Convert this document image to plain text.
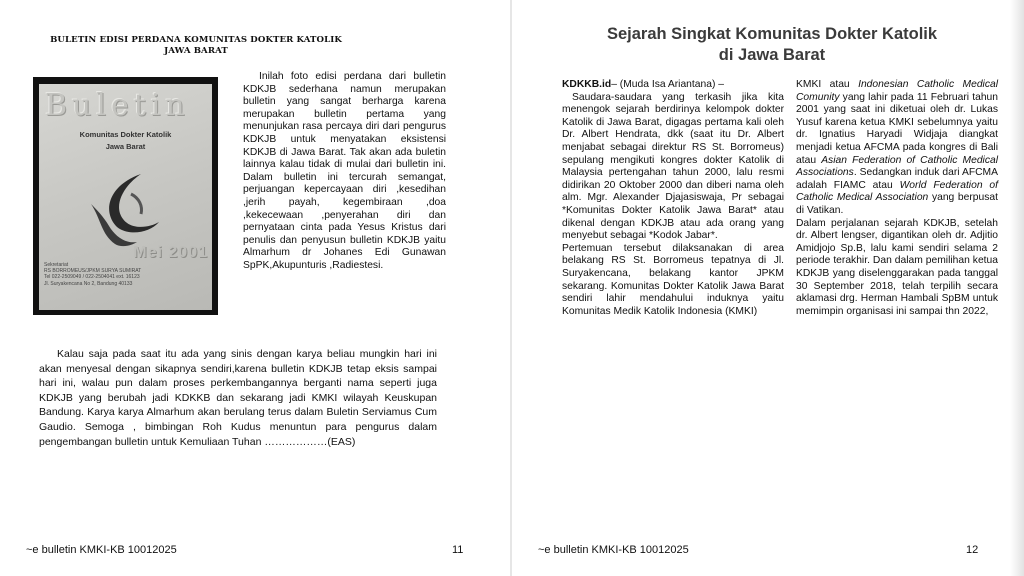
BULETIN EDISI PERDANA KOMUNITAS DOKTER KATOLIK
JAWA BARAT
Buletin
Komunitas Dokter Katolik
Jawa Barat
Mei 2001
Sekretariat
RS BORROMEUS/JPKM SURYA SUMIRAT
Tel 022-2509049 / 022-2504041 ext. 16123
Jl. Suryakencana No 2, Bandung 40133

Inilah foto edisi perdana dari bulletin KDKJB sederhana namun merupakan bulletin yang sangat berharga karena merupakan bulletin pertama yang menunjukan rasa percaya diri dari pengurus KDKJB untuk menyatakan eksistensi KDKJB di Jawa Barat. Tak akan ada buletin lainnya kalau tidak di mulai dari bulletin ini. Dalam bulletin ini tercurah semangat, perjuangan kepercayaan diri ,kesedihan ,jerih payah, kegembiraan ,doa ,kekecewaan ,penyerahan diri dan pernyataan cinta pada Yesus Kristus dari penulis dan penyusun bulletin KDKJB yaitu Almarhum dr Johanes Edi Gunawan SpPK,Akupunturis ,Radiestesi.

Kalau saja pada saat itu ada yang sinis dengan karya beliau mungkin hari ini akan menyesal dengan sikapnya sendiri,karena bulletin KDKJB tetap eksis sampai hari ini, walau pun dalam proses perkembangannya berganti nama seperti juga KDKJB yang berubah jadi KDKKB dan sekarang jadi KMKI wilayah Keuskupan Bandung. Karya karya Almarhum akan berulang terus dalam Buletin Serviamus Cum Gaudio. Semoga , bimbingan Roh Kudus menuntun para pengurus dalam pengembangan bulletin untuk Kemuliaan Tuhan ………………(EAS)

~e bulletin KMKI-KB 10012025	11
Sejarah Singkat Komunitas Dokter Katolik
di Jawa Barat

KDKKB.id– (Muda Isa Ariantana) –

Saudara-saudara yang terkasih jika kita menengok sejarah berdirinya kelompok dokter Katolik di Jawa Barat, digagas pertama kali oleh Dr. Albert Hendrata, dkk (saat itu Dr. Albert menjabat sebagai direktur RS St. Borromeus) sepulang mengikuti kongres dokter Katolik di Malaysia pertengahan tahun 2000, lalu resmi didirikan 20 Oktober 2000 dan diberi nama oleh alm. Mgr. Alexander Djajasiswaja, Pr sebagai *Komunitas Dokter Katolik Jawa Barat* atau dikenal dengan KDKJB atau ada orang yang menyebut sebagai *Kodok Jabar*.

Pertemuan tersebut dilaksanakan di area belakang RS St. Borromeus tepatnya di Jl. Suryakencana, belakang kantor JPKM sekarang. Komunitas Dokter Katolik Jawa Barat sendiri lahir mendahului induknya yaitu Komunitas Medik Katolik Indonesia (KMKI)

KMKI atau Indonesian Catholic Medical Comunity yang lahir pada 11 Februari tahun 2001 yang saat ini diketuai oleh dr. Lukas Yusuf karena ketua KMKI sebelumnya yaitu dr. Ignatius Haryadi Widjaja diangkat menjadi ketua AFCMA pada kongres di Bali atau Asian Federation of Catholic Medical Associations. Sedangkan induk dari AFCMA adalah FIAMC atau World Federation of Catholic Medical Association yang berpusat di Vatikan.

Dalam perjalanan sejarah KDKJB, setelah dr. Albert lengser, digantikan oleh dr. Adjitio Amidjojo Sp.B, lalu kami sendiri selama 2 periode terakhir. Dan dalam pemilihan ketua KDKJB yang diselenggarakan pada tanggal 30 September 2018, telah terpilih secara aklamasi drg. Herman Hambali SpBM untuk memimpin organisasi ini sampai thn 2022,

~e bulletin KMKI-KB 10012025	12
